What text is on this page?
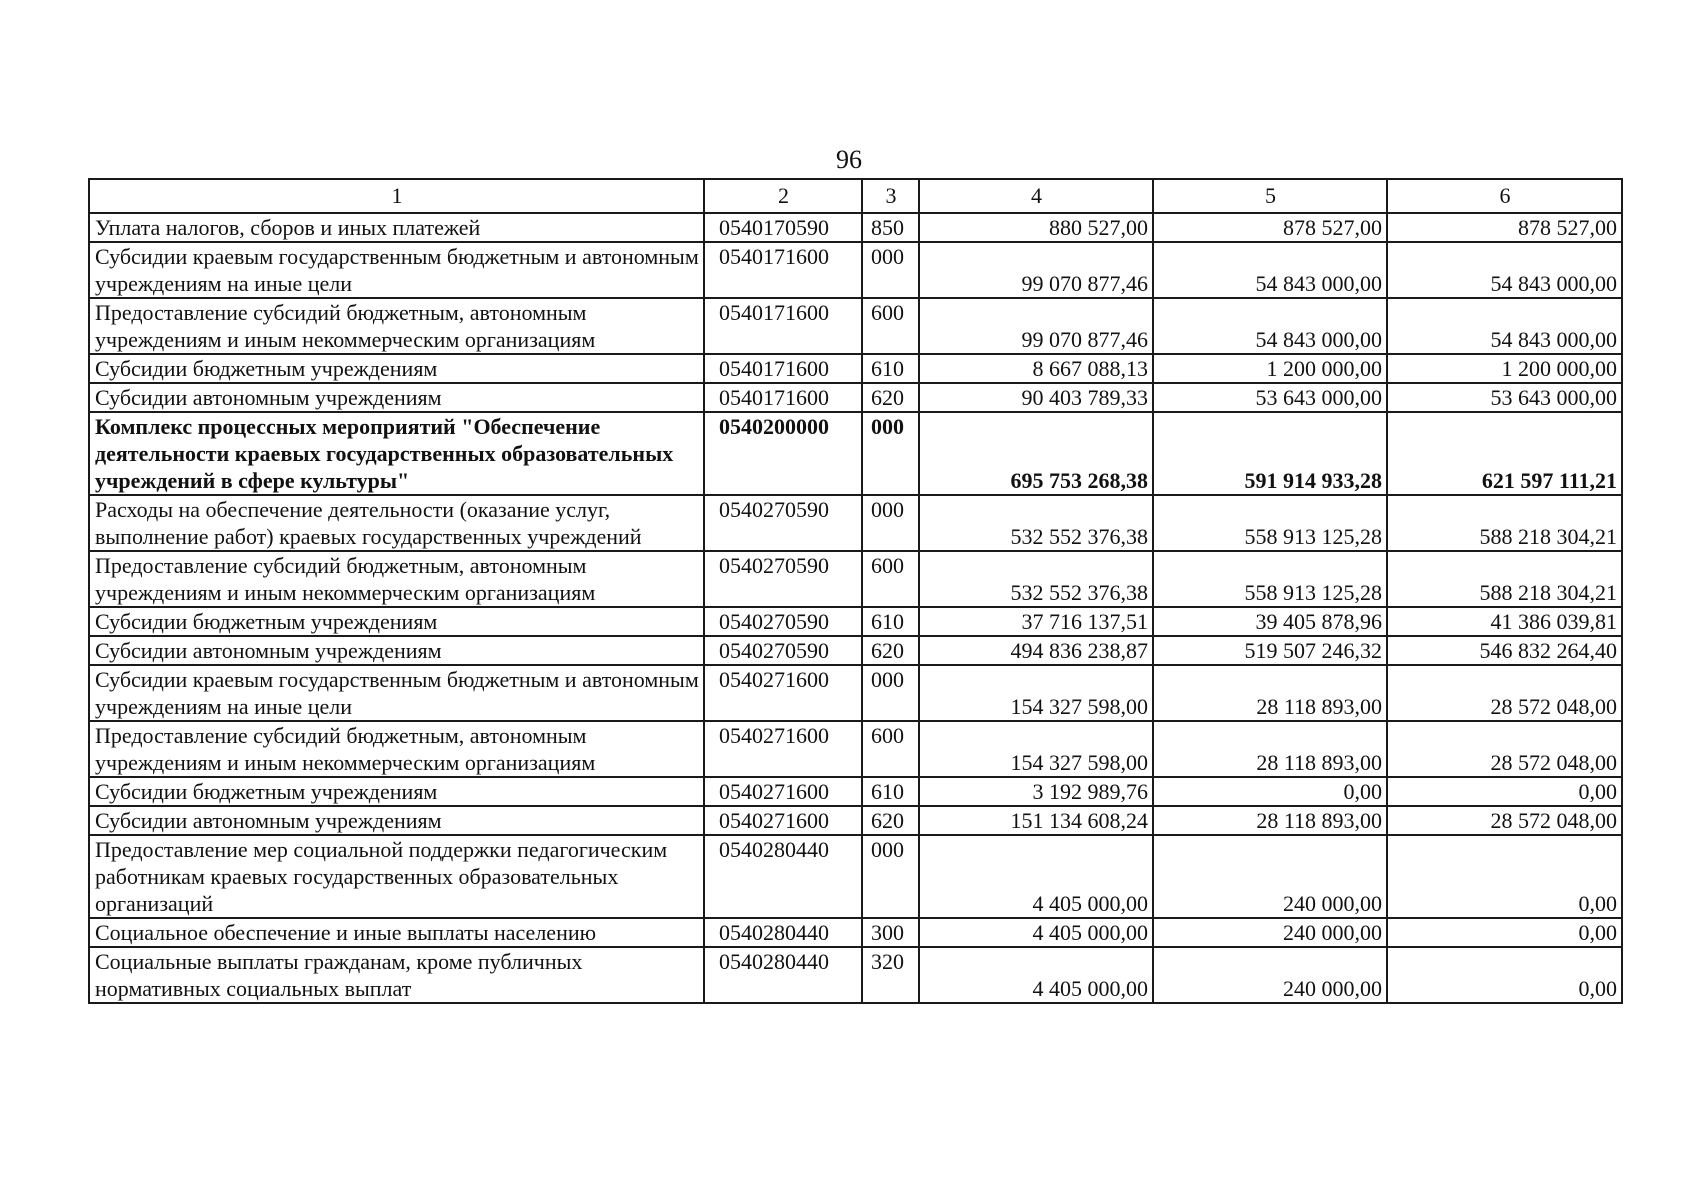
96
1	2	3	4	5	6
Уплата налогов, сборов и иных платежей	0540170590	850	880 527,00	878 527,00	878 527,00
Субсидии краевым государственным бюджетным и автономным учреждениям на иные цели	0540171600	000	99 070 877,46	54 843 000,00	54 843 000,00
Предоставление субсидий бюджетным, автономным учреждениям и иным некоммерческим организациям	0540171600	600	99 070 877,46	54 843 000,00	54 843 000,00
Субсидии бюджетным учреждениям	0540171600	610	8 667 088,13	1 200 000,00	1 200 000,00
Субсидии автономным учреждениям	0540171600	620	90 403 789,33	53 643 000,00	53 643 000,00
Комплекс процессных мероприятий "Обеспечение деятельности краевых государственных образовательных учреждений в сфере культуры"	0540200000	000	695 753 268,38	591 914 933,28	621 597 111,21
Расходы на обеспечение деятельности (оказание услуг, выполнение работ) краевых государственных учреждений	0540270590	000	532 552 376,38	558 913 125,28	588 218 304,21
Предоставление субсидий бюджетным, автономным учреждениям и иным некоммерческим организациям	0540270590	600	532 552 376,38	558 913 125,28	588 218 304,21
Субсидии бюджетным учреждениям	0540270590	610	37 716 137,51	39 405 878,96	41 386 039,81
Субсидии автономным учреждениям	0540270590	620	494 836 238,87	519 507 246,32	546 832 264,40
Субсидии краевым государственным бюджетным и автономным учреждениям на иные цели	0540271600	000	154 327 598,00	28 118 893,00	28 572 048,00
Предоставление субсидий бюджетным, автономным учреждениям и иным некоммерческим организациям	0540271600	600	154 327 598,00	28 118 893,00	28 572 048,00
Субсидии бюджетным учреждениям	0540271600	610	3 192 989,76	0,00	0,00
Субсидии автономным учреждениям	0540271600	620	151 134 608,24	28 118 893,00	28 572 048,00
Предоставление мер социальной поддержки педагогическим работникам краевых государственных образовательных организаций	0540280440	000	4 405 000,00	240 000,00	0,00
Социальное обеспечение и иные выплаты населению	0540280440	300	4 405 000,00	240 000,00	0,00
Социальные выплаты гражданам, кроме публичных нормативных социальных выплат	0540280440	320	4 405 000,00	240 000,00	0,00
